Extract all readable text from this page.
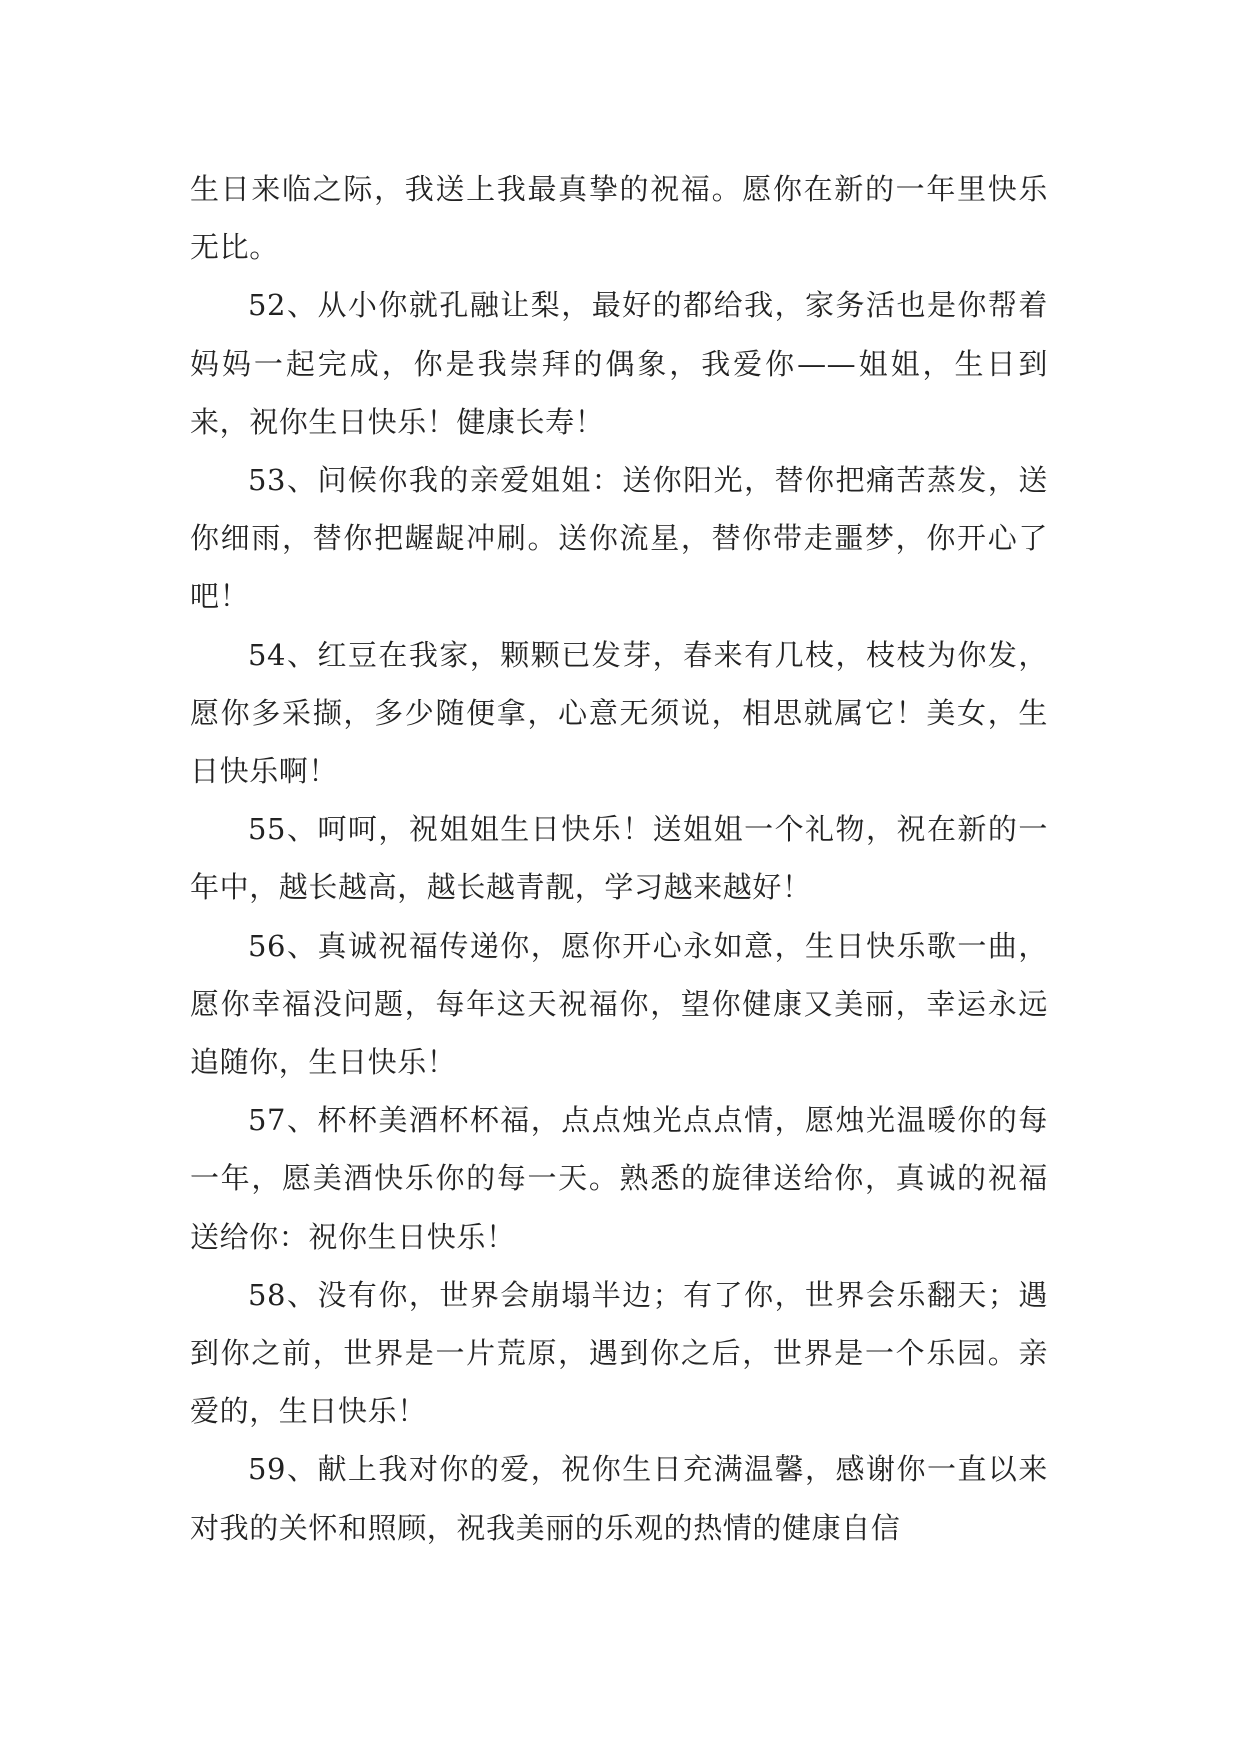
生日来临之际，我送上我最真挚的祝福。愿你在新的一年里快乐无比。

52、从小你就孔融让梨，最好的都给我，家务活也是你帮着妈妈一起完成，你是我崇拜的偶象，我爱你——姐姐，生日到来，祝你生日快乐！健康长寿！

53、问候你我的亲爱姐姐：送你阳光，替你把痛苦蒸发，送你细雨，替你把龌龊冲刷。送你流星，替你带走噩梦，你开心了吧！

54、红豆在我家，颗颗已发芽，春来有几枝，枝枝为你发，愿你多采撷，多少随便拿，心意无须说，相思就属它！美女，生日快乐啊！

55、呵呵，祝姐姐生日快乐！送姐姐一个礼物，祝在新的一年中，越长越高，越长越青靓，学习越来越好！

56、真诚祝福传递你，愿你开心永如意，生日快乐歌一曲，愿你幸福没问题，每年这天祝福你，望你健康又美丽，幸运永远追随你，生日快乐！

57、杯杯美酒杯杯福，点点烛光点点情，愿烛光温暖你的每一年，愿美酒快乐你的每一天。熟悉的旋律送给你，真诚的祝福送给你：祝你生日快乐！

58、没有你，世界会崩塌半边；有了你，世界会乐翻天；遇到你之前，世界是一片荒原，遇到你之后，世界是一个乐园。亲爱的，生日快乐！

59、献上我对你的爱，祝你生日充满温馨，感谢你一直以来对我的关怀和照顾，祝我美丽的乐观的热情的健康自信
